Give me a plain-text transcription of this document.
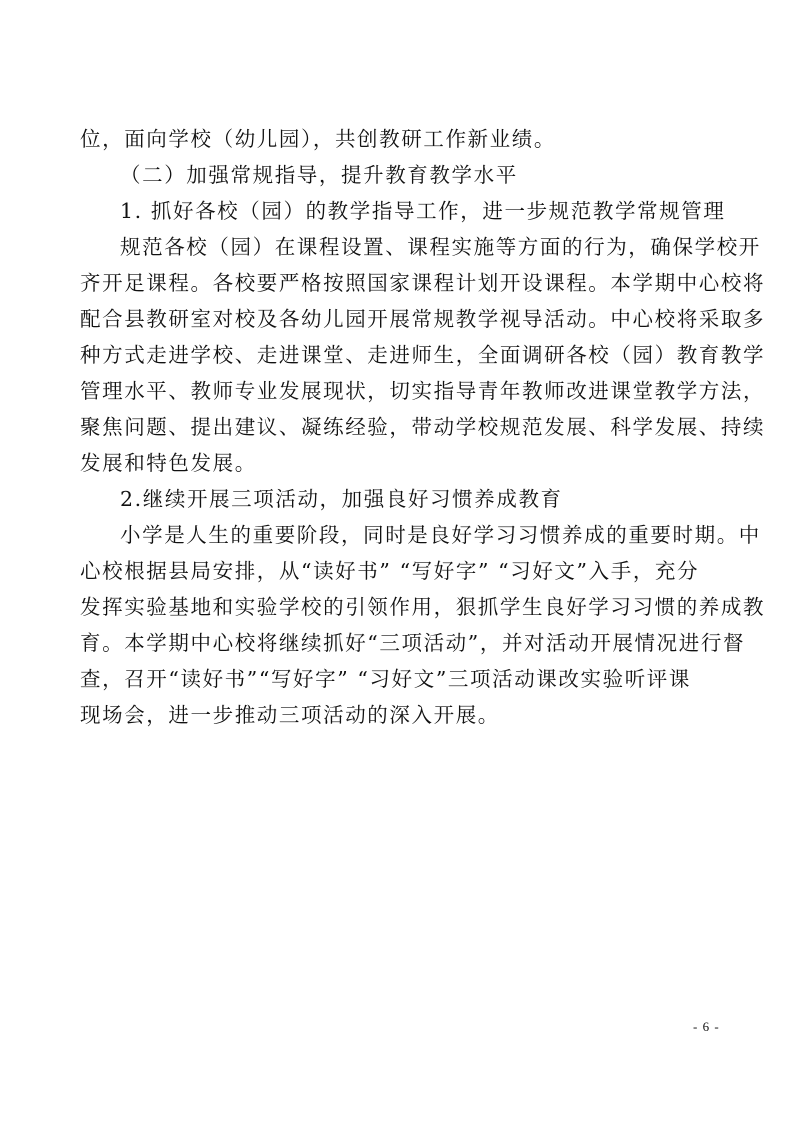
位，面向学校（幼儿园），共创教研工作新业绩。

（二）加强常规指导，提升教育教学水平

1. 抓好各校（园）的教学指导工作，进一步规范教学常规管理

规范各校（园）在课程设置、课程实施等方面的行为，确保学校开

齐开足课程。各校要严格按照国家课程计划开设课程。本学期中心校将

配合县教研室对校及各幼儿园开展常规教学视导活动。中心校将采取多

种方式走进学校、走进课堂、走进师生，全面调研各校（园）教育教学

管理水平、教师专业发展现状，切实指导青年教师改进课堂教学方法，

聚焦问题、提出建议、凝练经验，带动学校规范发展、科学发展、持续

发展和特色发展。

2.继续开展三项活动，加强良好习惯养成教育

小学是人生的重要阶段，同时是良好学习习惯养成的重要时期。中

心校根据县局安排，从“读好书” “写好字” “习好文”入手，充分

发挥实验基地和实验学校的引领作用，狠抓学生良好学习习惯的养成教

育。本学期中心校将继续抓好“三项活动”，并对活动开展情况进行督

查，召开“读好书”“写好字” “习好文”三项活动课改实验听评课

现场会，进一步推动三项活动的深入开展。

- 6 -
